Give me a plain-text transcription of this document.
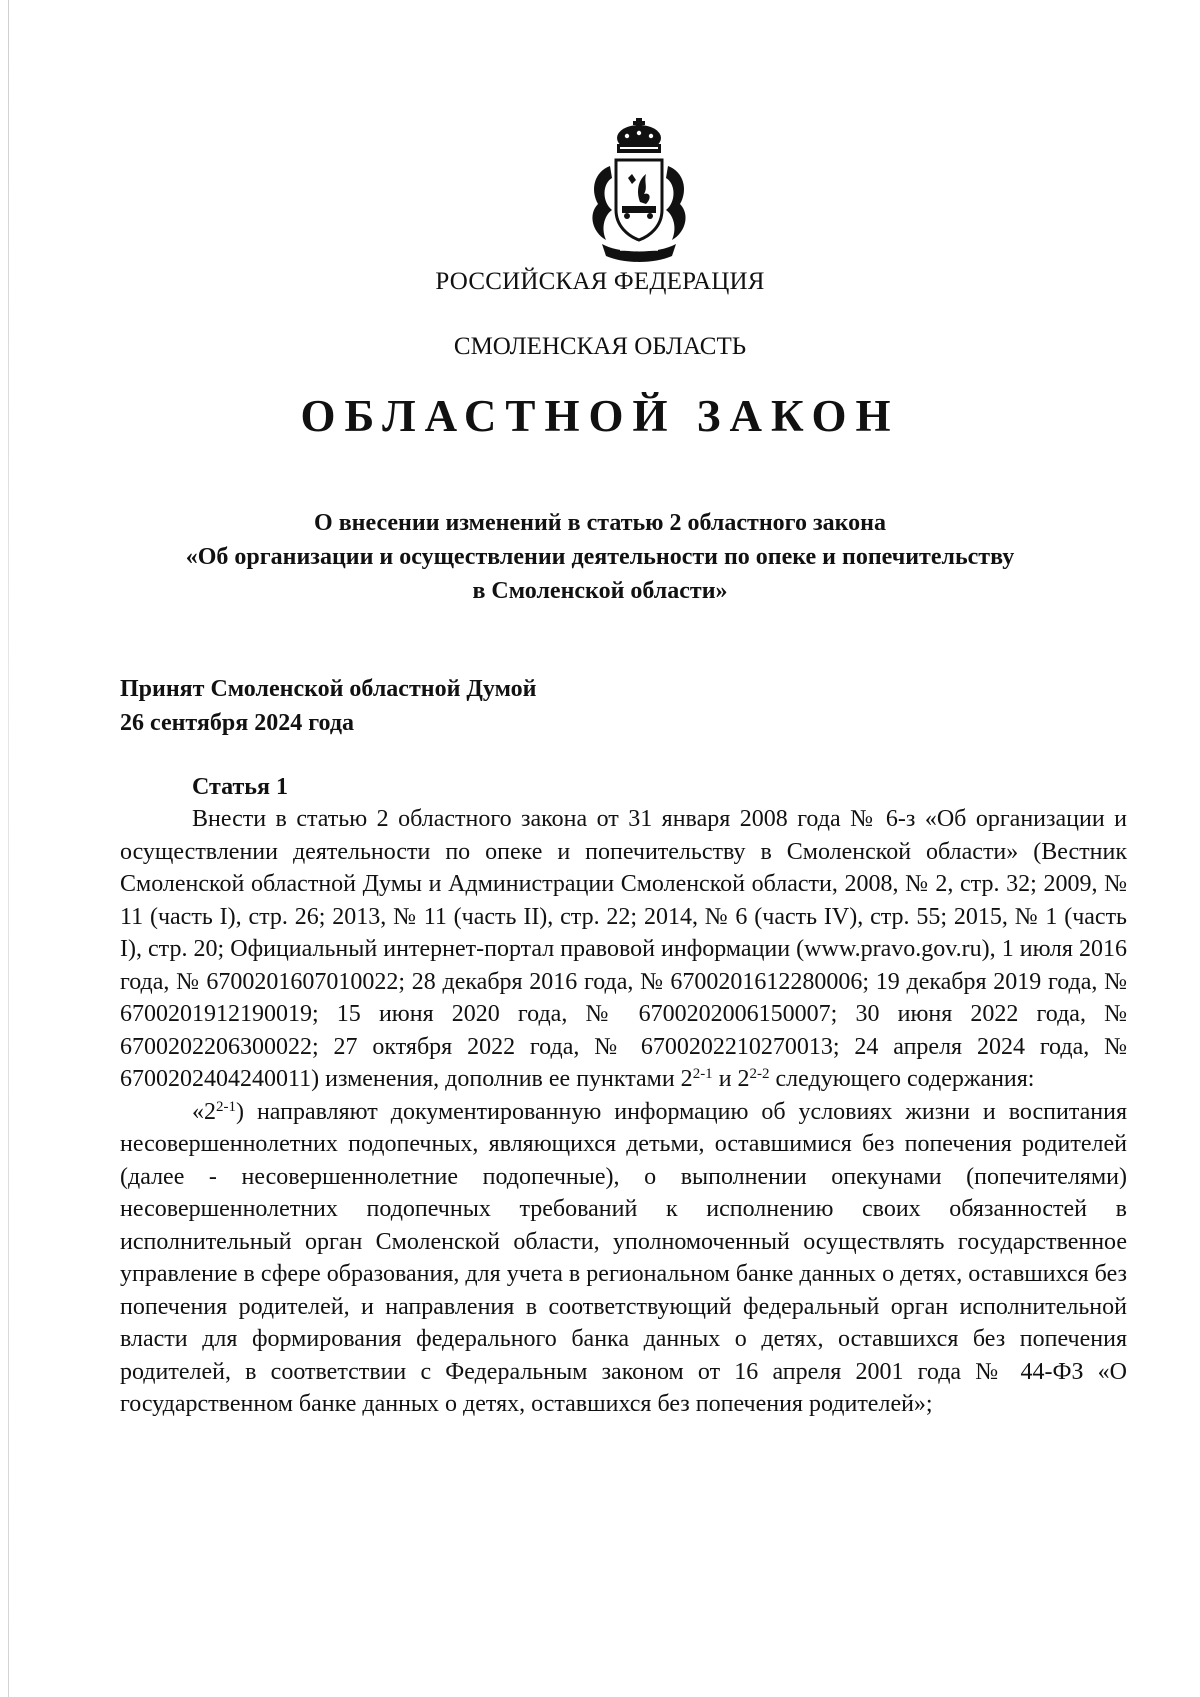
РОССИЙСКАЯ ФЕДЕРАЦИЯ
СМОЛЕНСКАЯ ОБЛАСТЬ
ОБЛАСТНОЙ ЗАКОН
О внесении изменений в статью 2 областного закона
«Об организации и осуществлении деятельности по опеке и попечительству
в Смоленской области»
Принят Смоленской областной Думой
26 сентября 2024 года
Статья 1

Внести в статью 2 областного закона от 31 января 2008 года № 6-з «Об организации и осуществлении деятельности по опеке и попечительству в Смоленской области» (Вестник Смоленской областной Думы и Администрации Смоленской области, 2008, № 2, стр. 32; 2009, № 11 (часть I), стр. 26; 2013, № 11 (часть II), стр. 22; 2014, № 6 (часть IV), стр. 55; 2015, № 1 (часть I), стр. 20; Официальный интернет-портал правовой информации (www.pravo.gov.ru), 1 июля 2016 года, № 6700201607010022; 28 декабря 2016 года, № 6700201612280006; 19 декабря 2019 года, № 6700201912190019; 15 июня 2020 года, № 6700202006150007; 30 июня 2022 года, № 6700202206300022; 27 октября 2022 года, № 6700202210270013; 24 апреля 2024 года, № 6700202404240011) изменения, дополнив ее пунктами 2$^{2-1}$ и 2$^{2-2}$ следующего содержания:

«2$^{2-1}$) направляют документированную информацию об условиях жизни и воспитания несовершеннолетних подопечных, являющихся детьми, оставшимися без попечения родителей (далее - несовершеннолетние подопечные), о выполнении опекунами (попечителями) несовершеннолетних подопечных требований к исполнению своих обязанностей в исполнительный орган Смоленской области, уполномоченный осуществлять государственное управление в сфере образования, для учета в региональном банке данных о детях, оставшихся без попечения родителей, и направления в соответствующий федеральный орган исполнительной власти для формирования федерального банка данных о детях, оставшихся без попечения родителей, в соответствии с Федеральным законом от 16 апреля 2001 года № 44-ФЗ «О государственном банке данных о детях, оставшихся без попечения родителей»;
